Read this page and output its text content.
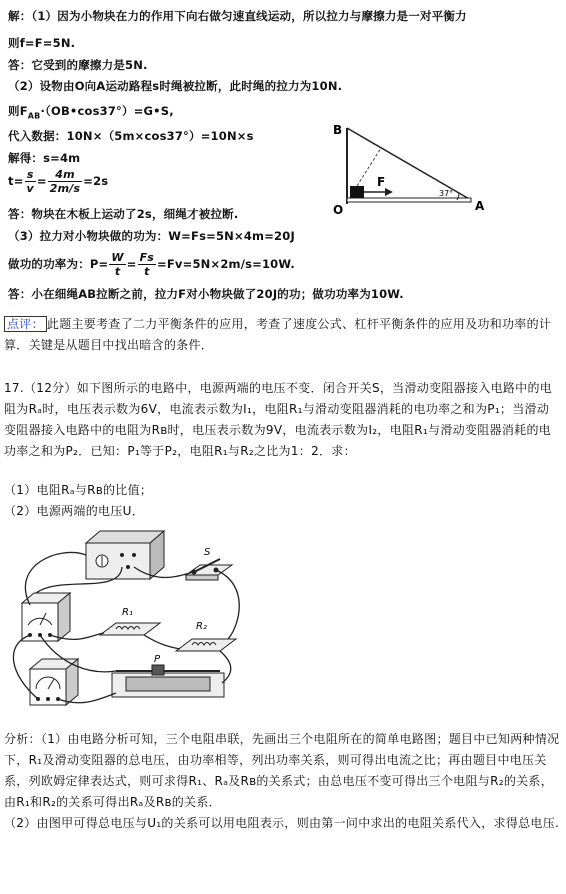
解：（1）因为小物块在力的作用下向右做匀速直线运动，所以拉力与摩擦力是一对平衡力
则f=F=5N.
答：它受到的摩擦力是5N.
（2）设物由O向A运动路程s时绳被拉断，此时绳的拉力为10N.
则$F_{AB}\cdot(OB•\cos 37^\circ)=G•S$,
代入数据：10N×（5m×cos37°）=10N×s
解得：s=4m
$t= \frac{s}{v} = \frac{4m}{2m/s} =2s$
答：物块在木板上运动了2s，细绳才被拉断.
（3）拉力对小物块做的功为：W=Fs=5N×4m=20J
做功的功率为：$P= \frac{W}{t} = \frac{Fs}{t} =Fv=5N\times 2m/s=10W$.
答：小在细绳AB拉断之前，拉力F对小物块做了20J的功；做功功率为10W.
B
O	A
F
37°
点评： 此题主要考查了二力平衡条件的应用，考查了速度公式、杠杆平衡条件的应用及功和功率的计算．关键是从题目中找出暗含的条件．
17.（12分）如下图所示的电路中，电源两端的电压不变．闭合开关S，当滑动变阻器接入电路中的电阻为Rₐ时，电压表示数为6V，电流表示数为I₁，电阻R₁与滑动变阻器消耗的电功率之和为P₁；当滑动变阻器接入电路中的电阻为Rʙ时，电压表示数为9V，电流表示数为I₂，电阻R₁与滑动变阻器消耗的电功率之和为P₂．已知：P₁等于P₂，电阻R₁与R₂之比为1：2．求：
（1）电阻Rₐ与Rʙ的比值；
（2）电源两端的电压U．
S
R₁
R₂
P
分析：（1）由电路分析可知，三个电阻串联，先画出三个电阻所在的简单电路图；题目中已知两种情况下，R₁及滑动变阻器的总电压，由功率相等，列出功率关系，则可得出电流之比；再由题目中电压关系，列欧姆定律表达式，则可求得R₁、Rₐ及Rʙ的关系式；由总电压不变可得出三个电阻与R₂的关系，由R₁和R₂的关系可得出Rₐ及Rʙ的关系．
（2）由图甲可得总电压与U₁的关系可以用电阻表示，则由第一问中求出的电阻关系代入，求得总电压.
